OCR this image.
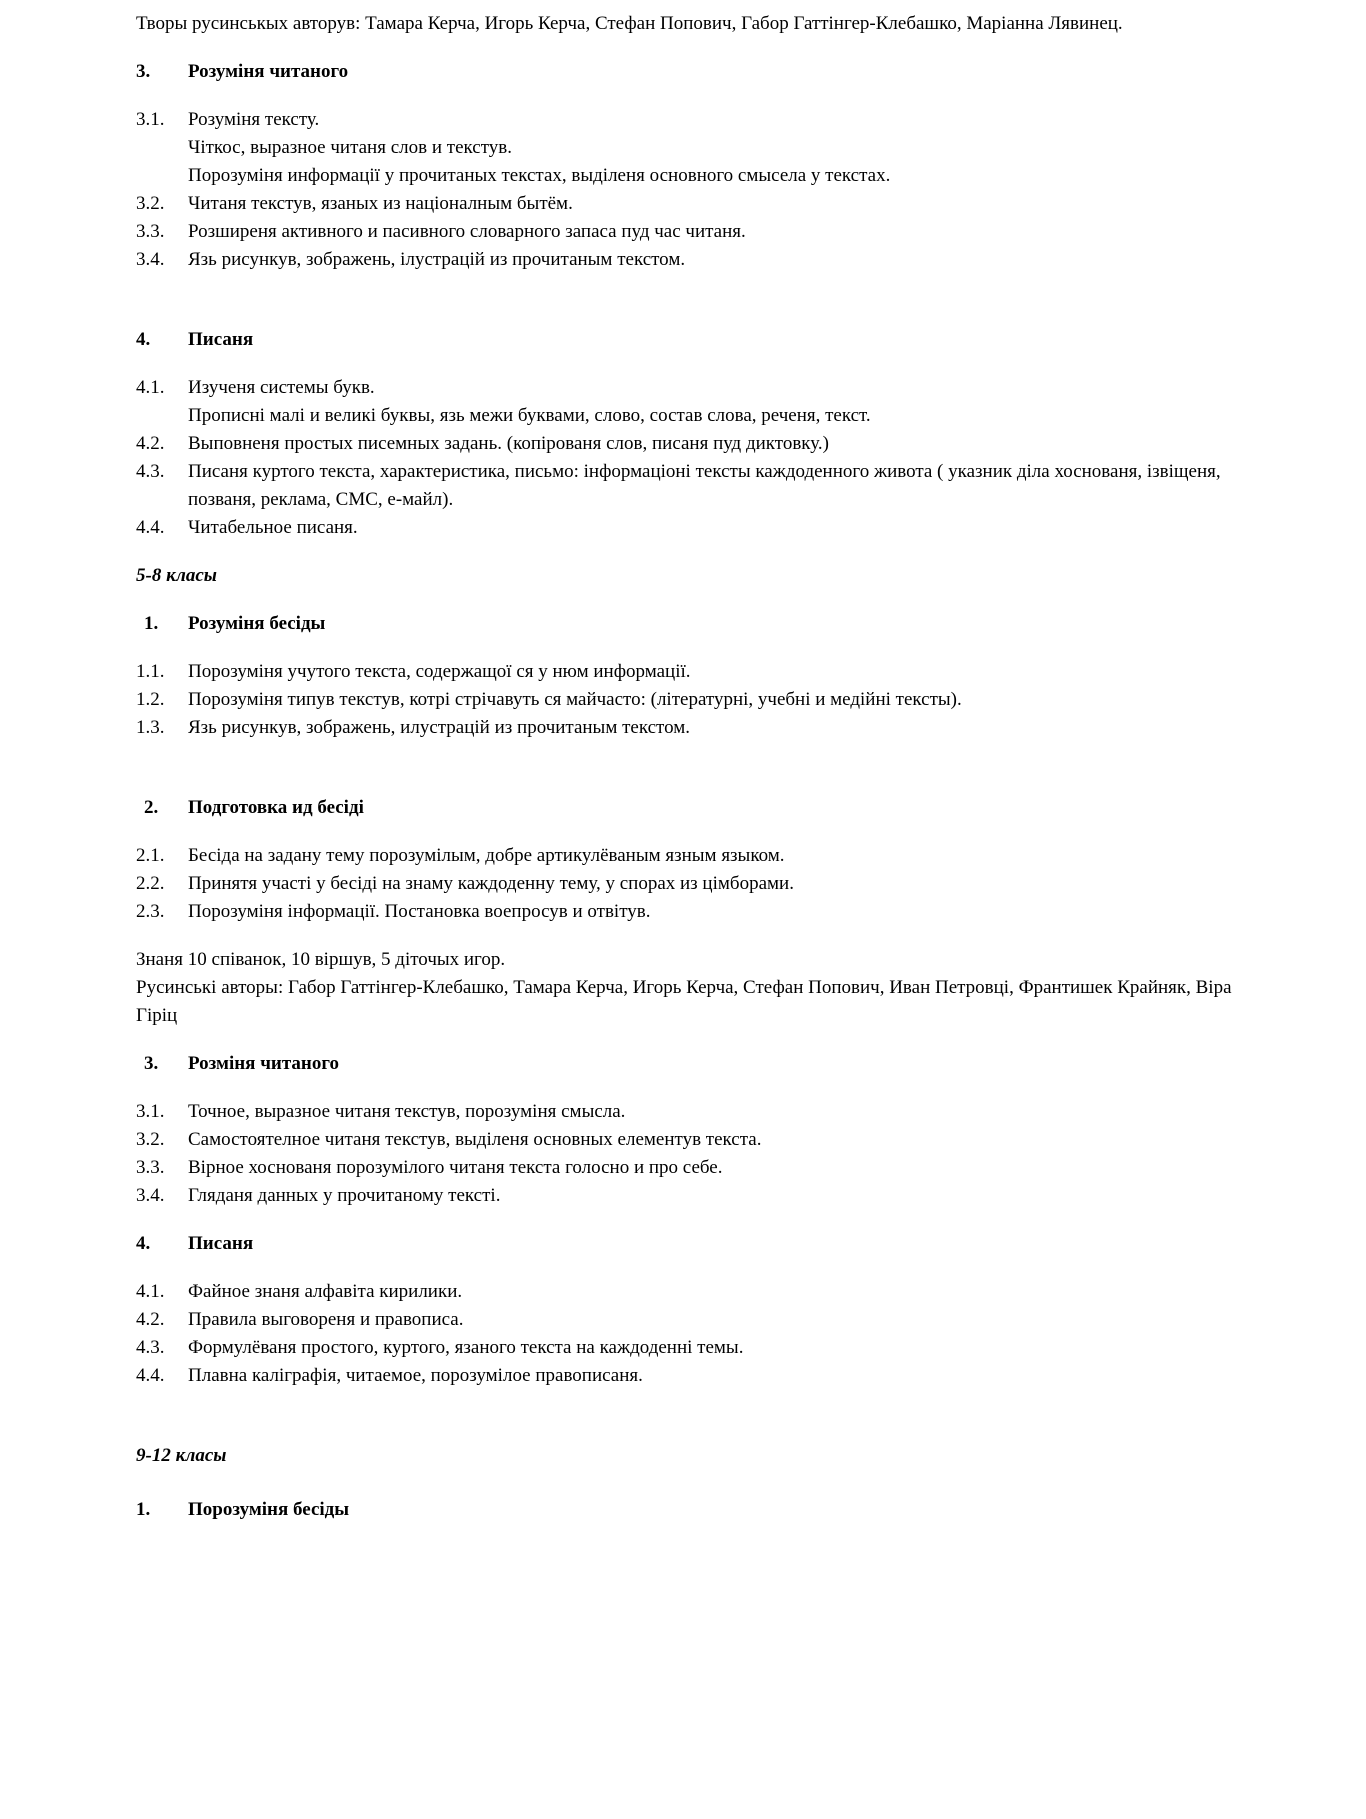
Творы русинськых авторув: Тамара Керча, Игорь Керча, Стефан Попович, Габор Гаттінгер-Клебашко, Маріанна Лявинец.

3.	Розуміня читаного
3.1.	Розуміня тексту.

Чіткос, выразное читаня слов и текстув.

Порозуміня информації у прочитаных текстах, выділеня основного смысела у текстах.

3.2.	Читаня текстув, язаных из націоналным бытём.
3.3.	Розширеня активного и пасивного словарного запаса пуд час читаня.
3.4.	Язь рисункув, зображень, ілустрацій из прочитаным текстом.
4.	Писаня
4.1.	Изученя системы букв.

Прописні малі и великі буквы, язь межи буквами, слово, состав слова, реченя, текст.

4.2.	Выповненя простых писемных задань. (копірованя слов, писаня пуд диктовку.)
4.3.	Писаня куртого текста, характеристика, письмо: інформаціоні тексты каждоденного живота ( указник діла хоснованя, ізвіщеня, позваня, реклама, СМС, е-майл).
4.4.	Читабельное писаня.

5-8 класы

1.	Розуміня бесіды
1.1.	Порозуміня учутого текста, содержащої ся у нюм информації.
1.2.	Порозуміня типув текстув, котрі стрічавуть ся майчасто: (літературні, учебні и медійні тексты).
1.3.	Язь рисункув, зображень, илустрацій из прочитаным текстом.
2.	Подготовка ид бесіді
2.1.	Бесіда на задану тему порозумілым, добре артикулёваным язным языком.
2.2.	Принятя участі у бесіді на знаму каждоденну тему, у спорах из цімборами.
2.3.	Порозуміня інформації. Постановка воепросув и отвітув.

Знаня 10 співанок, 10 віршув, 5 діточых игор.

Русинські авторы: Габор Гаттінгер-Клебашко, Тамара Керча, Игорь Керча, Стефан Попович, Иван Петровці, Франтишек Крайняк, Віра Гіріц

3.	Розміня читаного
3.1.	Точное, выразное читаня текстув, порозуміня смысла.
3.2.	Самостоятелное читаня текстув, выділеня основных елементув текста.
3.3.	Вірное хоснованя порозумілого читаня текста голосно и про себе.
3.4.	Гляданя данных у прочитаному тексті.
4.	Писаня
4.1.	Файное знаня алфавіта кирилики.
4.2.	Правила выговореня и правописа.
4.3.	Формулёваня простого, куртого, язаного текста на каждоденні темы.
4.4.	Плавна каліграфія, читаемое, порозумілое правописаня.

9-12 класы

1.	Порозуміня бесіды
